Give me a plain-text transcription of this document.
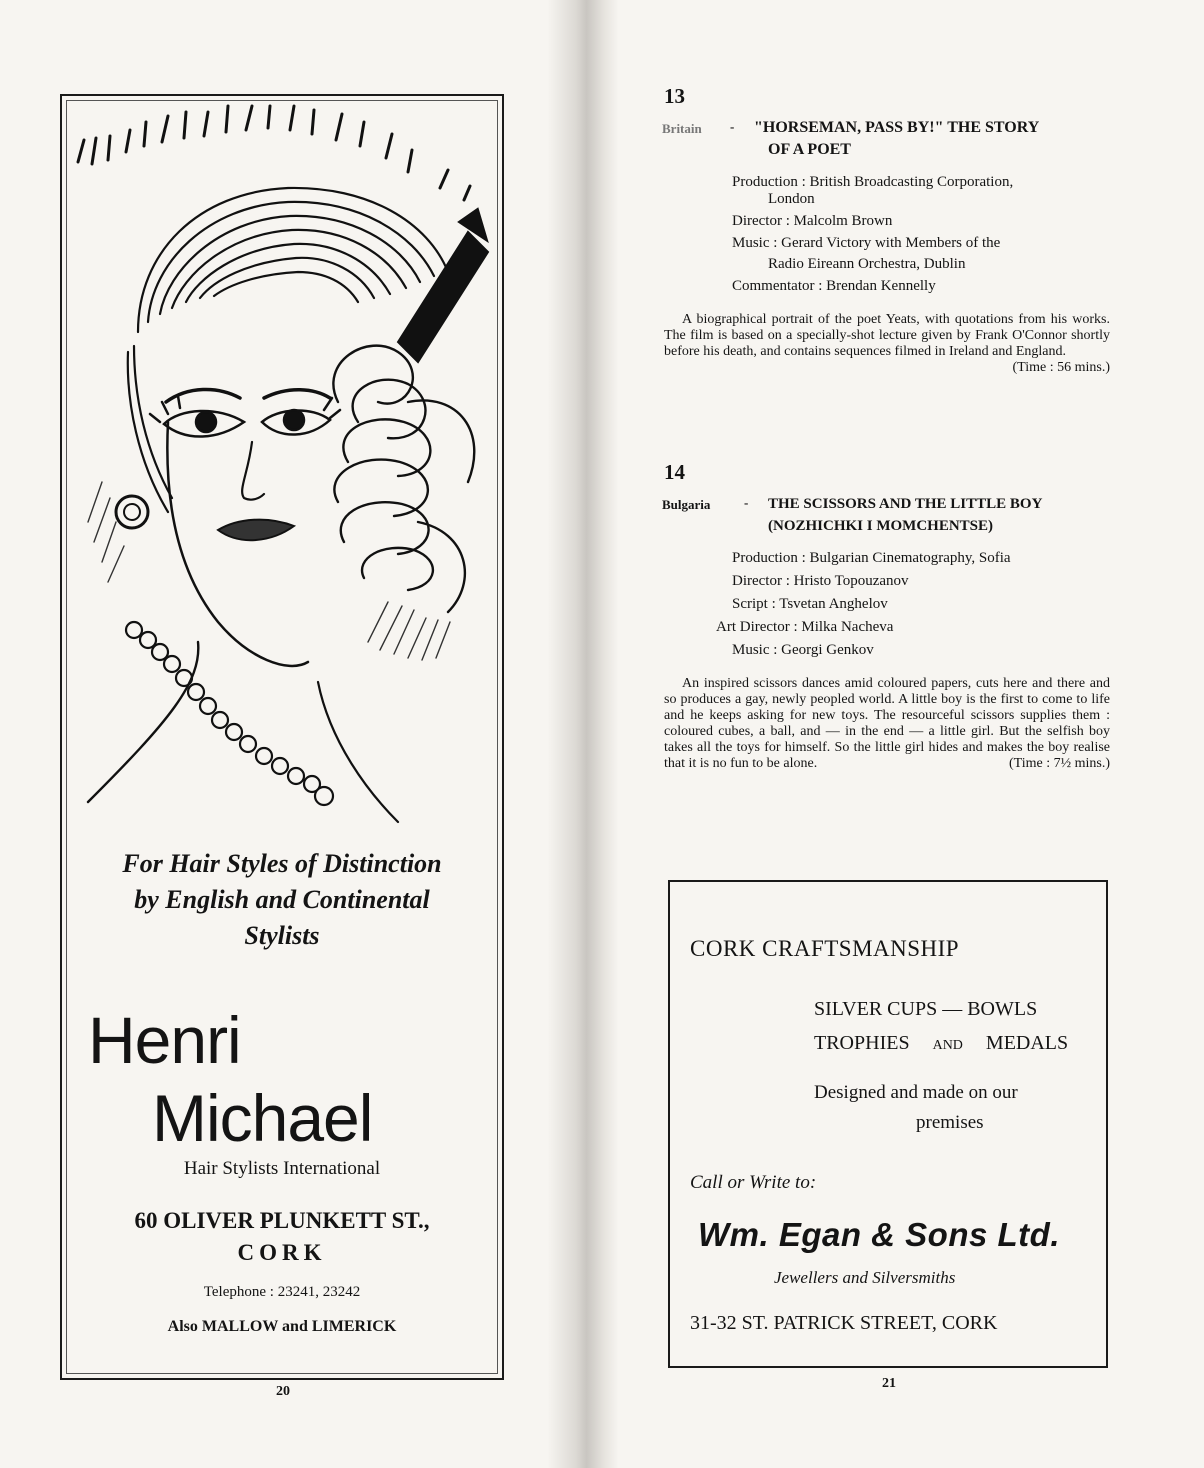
For Hair Styles of Distinction
by English and Continental
Stylists
Henri
Michael
Hair Stylists International
60 OLIVER PLUNKETT ST.,
CORK
Telephone : 23241, 23242
Also MALLOW and LIMERICK
20
13
Britain - "HORSEMAN, PASS BY!" THE STORY
OF A POET
Production : British Broadcasting Corporation,
London
Director : Malcolm Brown
Music : Gerard Victory with Members of the
Radio Eireann Orchestra, Dublin
Commentator : Brendan Kennelly
A biographical portrait of the poet Yeats, with quotations from his works. The film is based on a specially-shot lecture given by Frank O'Connor shortly before his death, and contains sequences filmed in Ireland and England.
(Time : 56 mins.)
14
Bulgaria	- THE SCISSORS AND THE LITTLE BOY
(NOZHICHKI I MOMCHENTSE)
Production : Bulgarian Cinematography, Sofia
Director : Hristo Topouzanov
Script : Tsvetan Anghelov
Art Director : Milka Nacheva
Music : Georgi Genkov
An inspired scissors dances amid coloured papers, cuts here and there and so produces a gay, newly peopled world. A little boy is the first to come to life and he keeps asking for new toys. The resourceful scissors supplies them : coloured cubes, a ball, and — in the end — a little girl. But the selfish boy takes all the toys for himself. So the little girl hides and makes the boy realise that it is no fun to be alone.	(Time : 7½ mins.)
CORK CRAFTSMANSHIP
SILVER CUPS — BOWLS
TROPHIES AND MEDALS
Designed and made on our
premises
Call or Write to:
Wm. Egan & Sons Ltd.
Jewellers and Silversmiths
31-32 ST. PATRICK STREET, CORK
21
